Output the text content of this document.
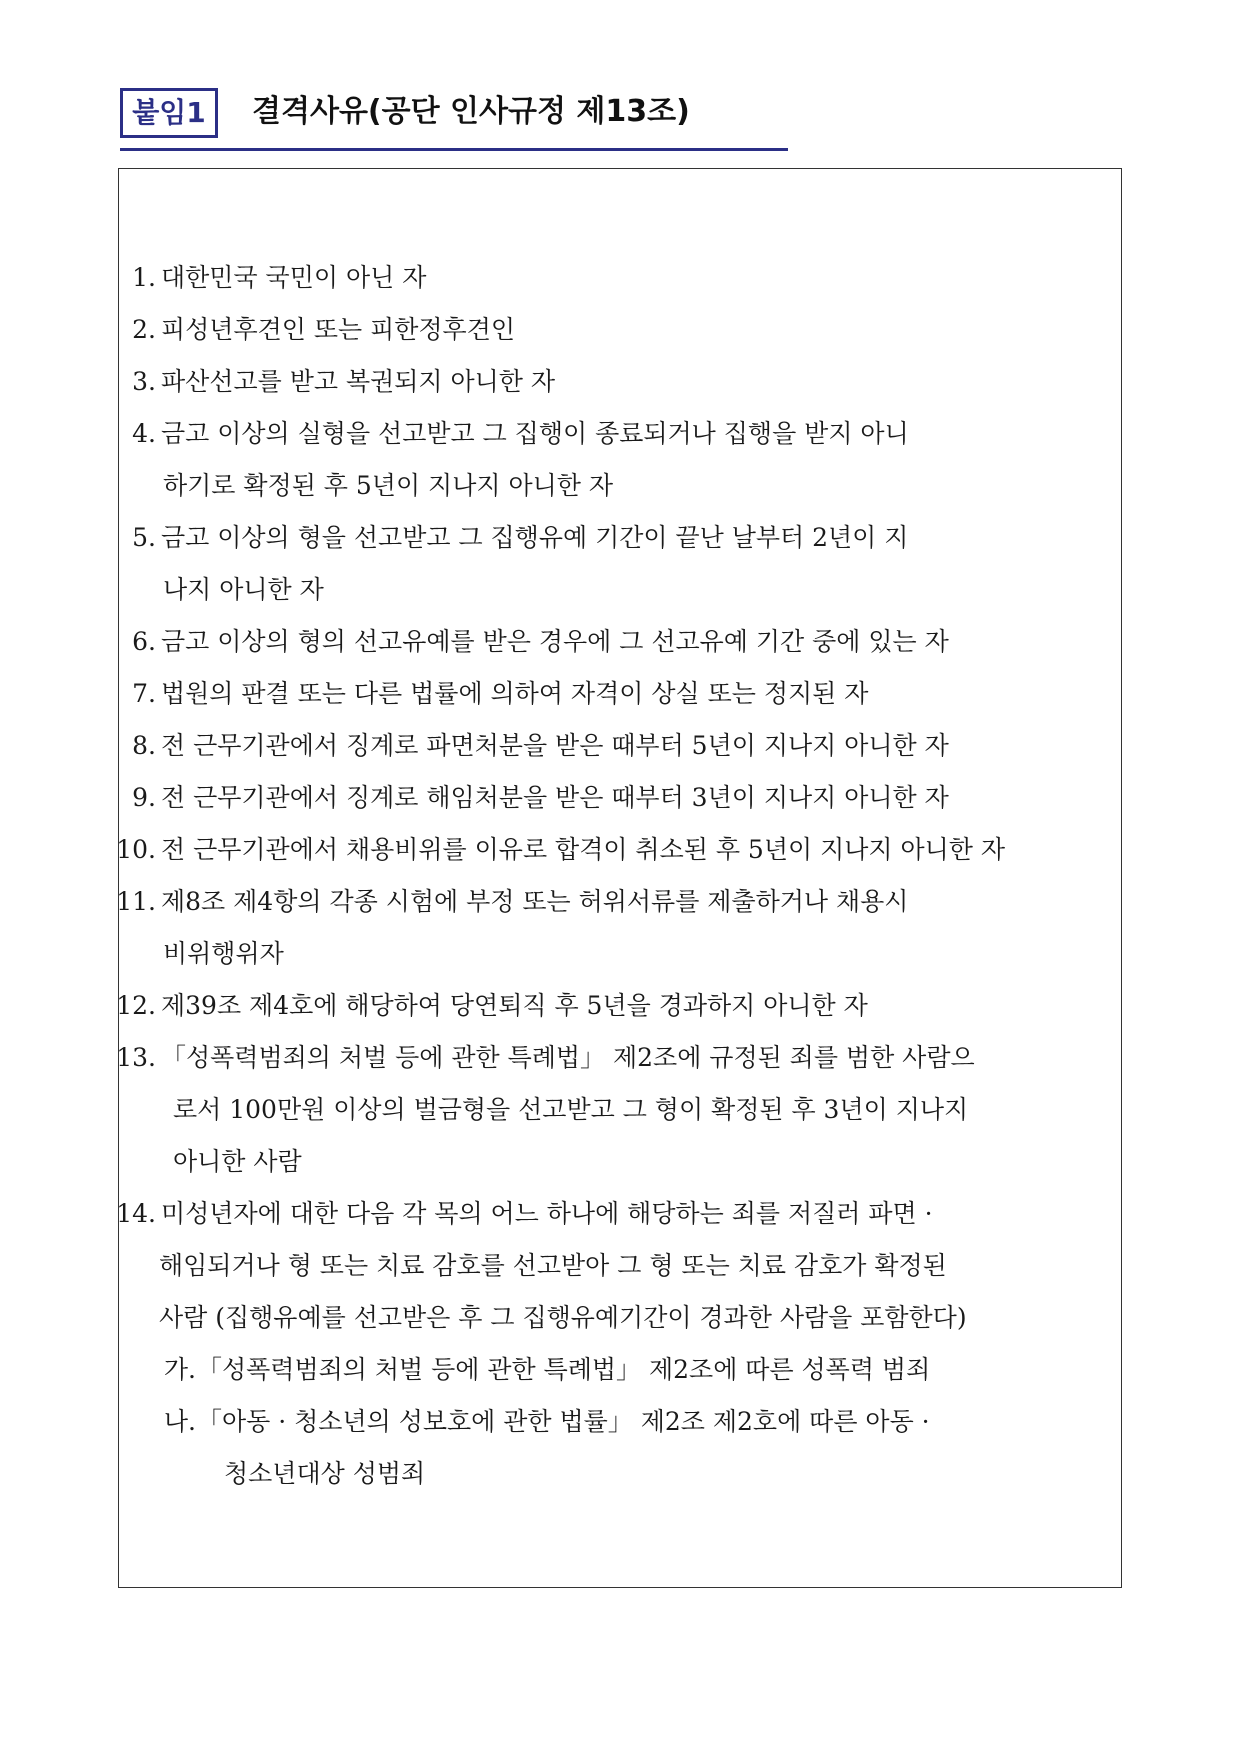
붙임1	결격사유(공단 인사규정 제13조)
1. 대한민국 국민이 아닌 자
2. 피성년후견인 또는 피한정후견인
3. 파산선고를 받고 복권되지 아니한 자
4. 금고 이상의 실형을 선고받고 그 집행이 종료되거나 집행을 받지 아니
하기로 확정된 후 5년이 지나지 아니한 자
5. 금고 이상의 형을 선고받고 그 집행유예 기간이 끝난 날부터 2년이 지
나지 아니한 자
6. 금고 이상의 형의 선고유예를 받은 경우에 그 선고유예 기간 중에 있는 자
7. 법원의 판결 또는 다른 법률에 의하여 자격이 상실 또는 정지된 자
8. 전 근무기관에서 징계로 파면처분을 받은 때부터 5년이 지나지 아니한 자
9. 전 근무기관에서 징계로 해임처분을 받은 때부터 3년이 지나지 아니한 자
10. 전 근무기관에서 채용비위를 이유로 합격이 취소된 후 5년이 지나지 아니한 자
11. 제8조 제4항의 각종 시험에 부정 또는 허위서류를 제출하거나 채용시
비위행위자
12. 제39조 제4호에 해당하여 당연퇴직 후 5년을 경과하지 아니한 자
13. 「성폭력범죄의 처벌 등에 관한 특례법」 제2조에 규정된 죄를 범한 사람으
로서 100만원 이상의 벌금형을 선고받고 그 형이 확정된 후 3년이 지나지
아니한 사람
14. 미성년자에 대한 다음 각 목의 어느 하나에 해당하는 죄를 저질러 파면 ·
해임되거나 형 또는 치료 감호를 선고받아 그 형 또는 치료 감호가 확정된
사람 (집행유예를 선고받은 후 그 집행유예기간이 경과한 사람을 포함한다)
가. 「성폭력범죄의 처벌 등에 관한 특례법」 제2조에 따른 성폭력 범죄
나. 「아동 · 청소년의 성보호에 관한 법률」 제2조 제2호에 따른 아동 ·
청소년대상 성범죄
